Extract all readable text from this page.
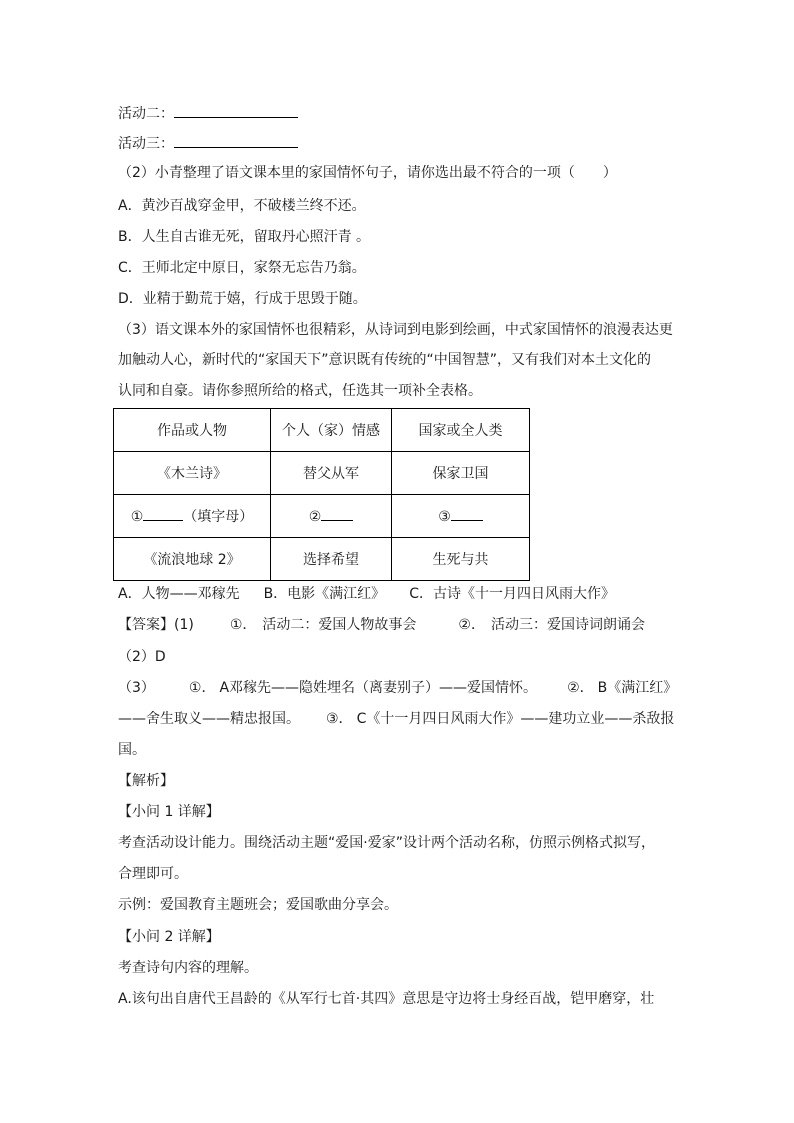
活动二：
活动三：
（2）小青整理了语文课本里的家国情怀句子，请你选出最不符合的一项（　　）
A．黄沙百战穿金甲，不破楼兰终不还。
B．人生自古谁无死，留取丹心照汗青 。
C．王师北定中原日，家祭无忘告乃翁。
D．业精于勤荒于嬉，行成于思毁于随。
（3）语文课本外的家国情怀也很精彩，从诗词到电影到绘画，中式家国情怀的浪漫表达更
加触动人心，新时代的“家国天下”意识既有传统的“中国智慧”，又有我们对本土文化的
认同和自豪。请你参照所给的格式，任选其一项补全表格。
作品或人物	个人（家）情感	国家或全人类
《木兰诗》	替父从军	保家卫国
① （填字母）	②	③
《流浪地球 2》	选择希望	生死与共
A．人物——邓稼先 B．电影《满江红》 C．古诗《十一月四日风雨大作》
【答案】(1)	①． 活动二：爱国人物故事会	②． 活动三：爱国诗词朗诵会
（2）D
（3） ①． A邓稼先——隐姓埋名（离妻别子）——爱国情怀。 ②． B《满江红》
——舍生取义——精忠报国。 ③． C《十一月四日风雨大作》——建功立业——杀敌报
国。
【解析】
【小问 1 详解】
考查活动设计能力。围绕活动主题“爱国·爱家”设计两个活动名称，仿照示例格式拟写，
合理即可。
示例：爱国教育主题班会；爱国歌曲分享会。
【小问 2 详解】
考查诗句内容的理解。
A.该句出自唐代王昌龄的《从军行七首·其四》意思是守边将士身经百战，铠甲磨穿，壮
